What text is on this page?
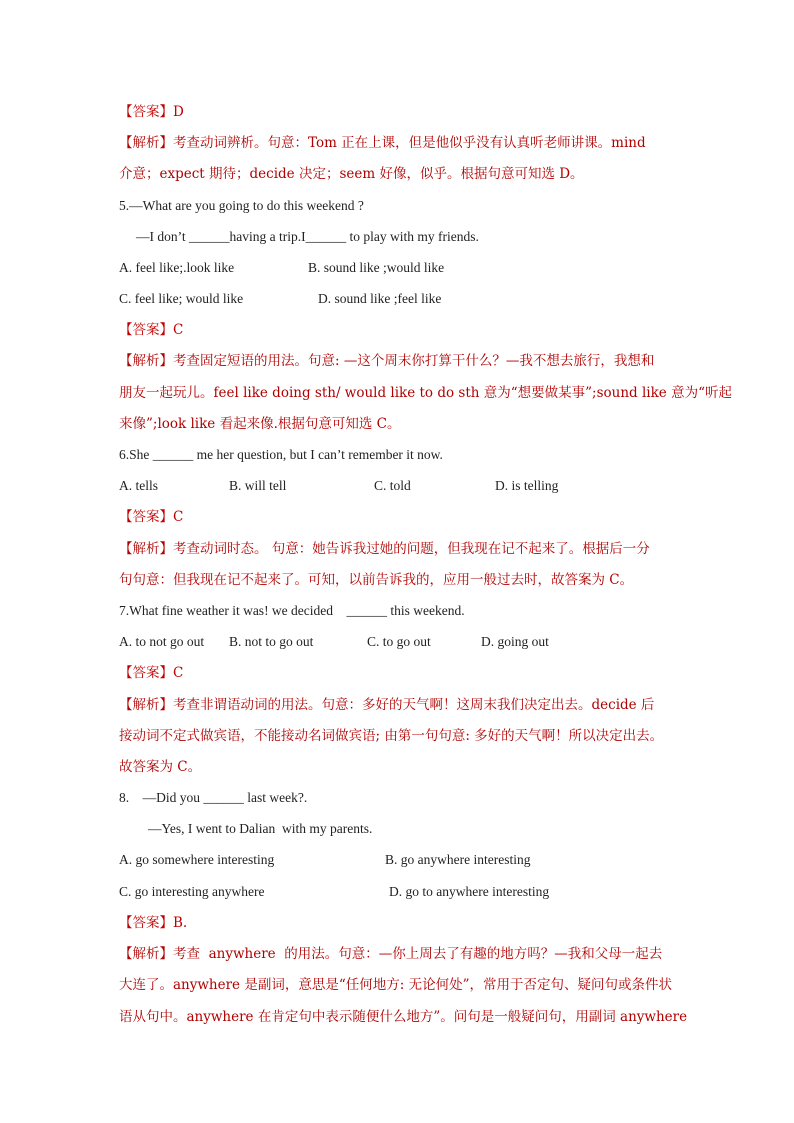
【答案】D
【解析】考查动词辨析。句意：Tom 正在上课，但是他似乎没有认真听老师讲课。mind
介意；expect 期待；decide 决定；seem 好像，似乎。根据句意可知选 D。
5.—What are you going to do this weekend ?
—I don’t ______having a trip.I______ to play with my friends.
A. feel like;.look like	B. sound like ;would like
C. feel like; would like	D. sound like ;feel like
【答案】C
【解析】考查固定短语的用法。句意: —这个周末你打算干什么？—我不想去旅行，我想和
朋友一起玩儿。feel like doing sth/ would like to do sth 意为“想要做某事”;sound like 意为“听起
来像”;look like 看起来像.根据句意可知选 C。
6.She ______ me her question, but I can’t remember it now.
A. tells	B. will tell	C. told	D. is telling
【答案】C
【解析】考查动词时态。 句意：她告诉我过她的问题，但我现在记不起来了。根据后一分
句句意：但我现在记不起来了。可知，以前告诉我的，应用一般过去时，故答案为 C。
7.What fine weather it was! we decided    ______ this weekend.
A. to not go out B. not to go out	C. to go out	D. going out
【答案】C
【解析】考查非谓语动词的用法。句意：多好的天气啊！这周末我们决定出去。decide 后
接动词不定式做宾语，不能接动名词做宾语; 由第一句句意: 多好的天气啊！所以决定出去。
故答案为 C。
8.    —Did you ______ last week?.
—Yes, I went to Dalian  with my parents.
A. go somewhere interesting	B. go anywhere interesting
C. go interesting anywhere	D. go to anywhere interesting
【答案】B.
【解析】考查  anywhere  的用法。句意：—你上周去了有趣的地方吗？—我和父母一起去
大连了。anywhere 是副词，意思是“任何地方: 无论何处”，常用于否定句、疑问句或条件状
语从句中。anywhere 在肯定句中表示随便什么地方”。问句是一般疑问句，用副词 anywhere
